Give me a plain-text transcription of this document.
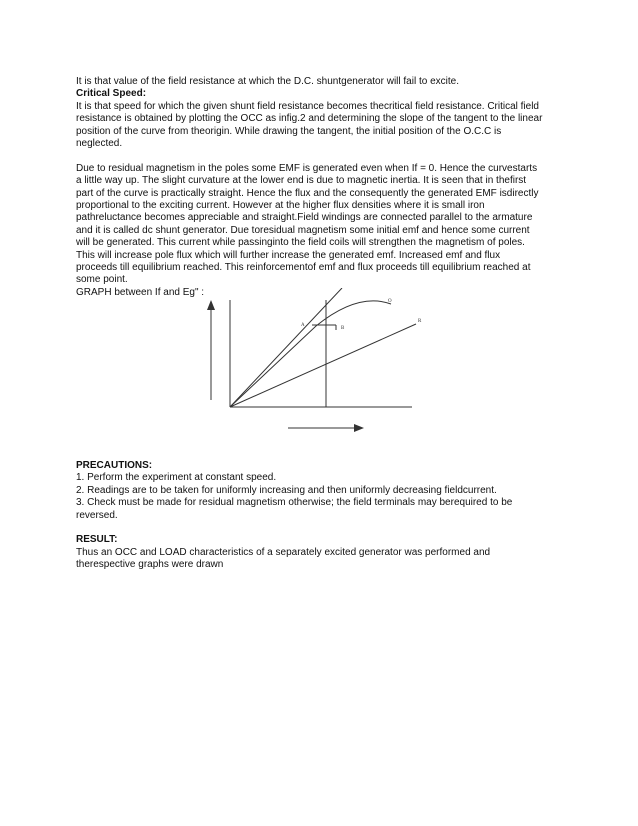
It is that value of the field resistance at which the D.C. shuntgenerator will fail to excite.

Critical Speed:

It is that speed for which the given shunt field resistance becomes thecritical field resistance. Critical field

resistance is obtained by plotting the OCC as infig.2 and determining the slope of the tangent to the linear

position of the curve from theorigin. While drawing the tangent, the initial position of the O.C.C is

neglected.

Due to residual magnetism in the poles some EMF is generated even when If = 0. Hence the curvestarts

a little way up. The slight curvature at the lower end is due to magnetic inertia. It is seen that in thefirst

part of the curve is practically straight. Hence the flux and the consequently the generated EMF isdirectly

proportional to the exciting current. However at the higher flux densities where it is small iron

pathreluctance becomes appreciable and straight.Field windings are connected parallel to the armature

and it is called dc shunt generator. Due toresidual magnetism some initial emf and hence some current

will be generated. This current while passinginto the field coils will strengthen the magnetism of poles.

This will increase pole flux which will further increase the generated emf. Increased emf and flux

proceeds till equilibrium reached. This reinforcementof emf and flux proceeds till equilibrium reached at

some point.

GRAPH between If and Eg" :

A
B
O
R

PRECAUTIONS:

1. Perform the experiment at constant speed.

2. Readings are to be taken for uniformly increasing and then uniformly decreasing fieldcurrent.

3. Check must be made for residual magnetism otherwise; the field terminals may berequired to be

reversed.

RESULT:

Thus an OCC and LOAD characteristics of a separately excited generator was performed and

therespective graphs were drawn
